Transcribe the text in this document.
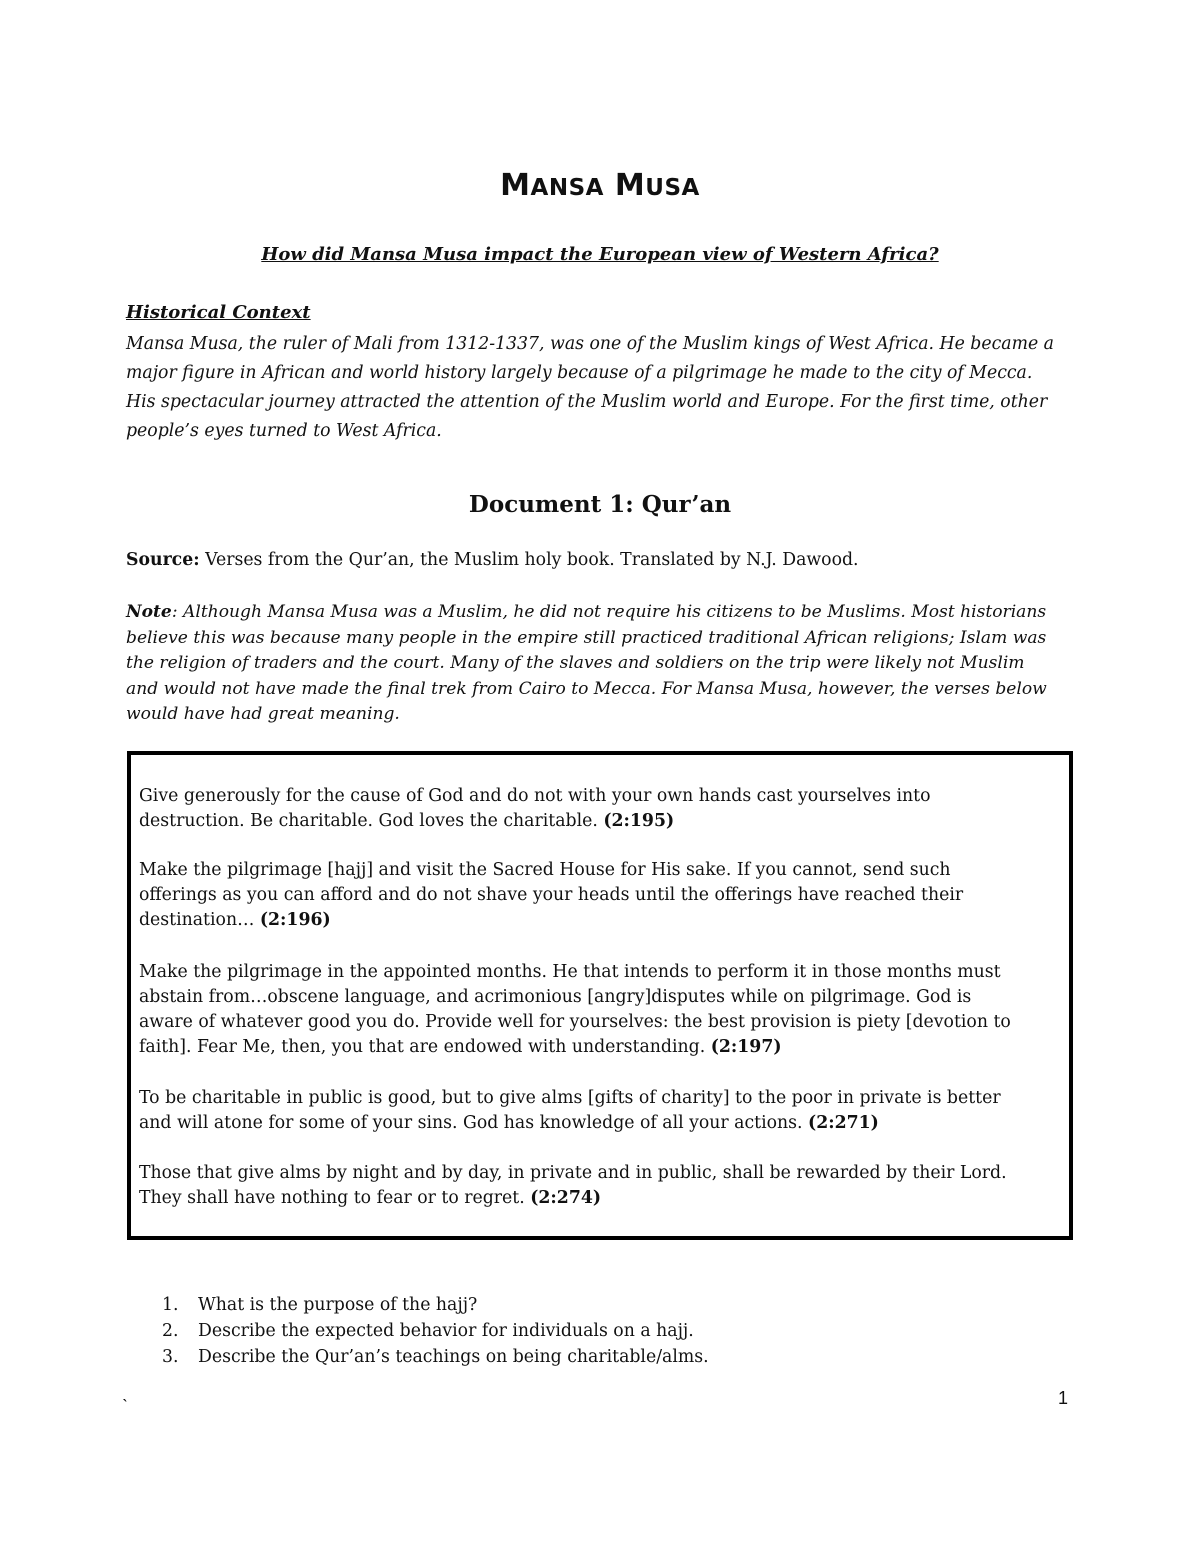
MANSA MUSA
How did Mansa Musa impact the European view of Western Africa?
Historical Context
Mansa Musa, the ruler of Mali from 1312-1337, was one of the Muslim kings of West Africa. He became a
major figure in African and world history largely because of a pilgrimage he made to the city of Mecca.
His spectacular journey attracted the attention of the Muslim world and Europe. For the first time, other
people’s eyes turned to West Africa.
Document 1: Qur’an
Source: Verses from the Qur’an, the Muslim holy book. Translated by N.J. Dawood.
Note: Although Mansa Musa was a Muslim, he did not require his citizens to be Muslims. Most historians
believe this was because many people in the empire still practiced traditional African religions; Islam was
the religion of traders and the court. Many of the slaves and soldiers on the trip were likely not Muslim
and would not have made the final trek from Cairo to Mecca. For Mansa Musa, however, the verses below
would have had great meaning.
Give generously for the cause of God and do not with your own hands cast yourselves into
destruction. Be charitable. God loves the charitable. (2:195)
Make the pilgrimage [hajj] and visit the Sacred House for His sake. If you cannot, send such
offerings as you can afford and do not shave your heads until the offerings have reached their
destination… (2:196)
Make the pilgrimage in the appointed months. He that intends to perform it in those months must
abstain from…obscene language, and acrimonious [angry]disputes while on pilgrimage. God is
aware of whatever good you do. Provide well for yourselves: the best provision is piety [devotion to
faith]. Fear Me, then, you that are endowed with understanding. (2:197)
To be charitable in public is good, but to give alms [gifts of charity] to the poor in private is better
and will atone for some of your sins. God has knowledge of all your actions. (2:271)
Those that give alms by night and by day, in private and in public, shall be rewarded by their Lord.
They shall have nothing to fear or to regret. (2:274)
1. What is the purpose of the hajj?
2. Describe the expected behavior for individuals on a hajj.
3. Describe the Qur’an’s teachings on being charitable/alms.
`	1
